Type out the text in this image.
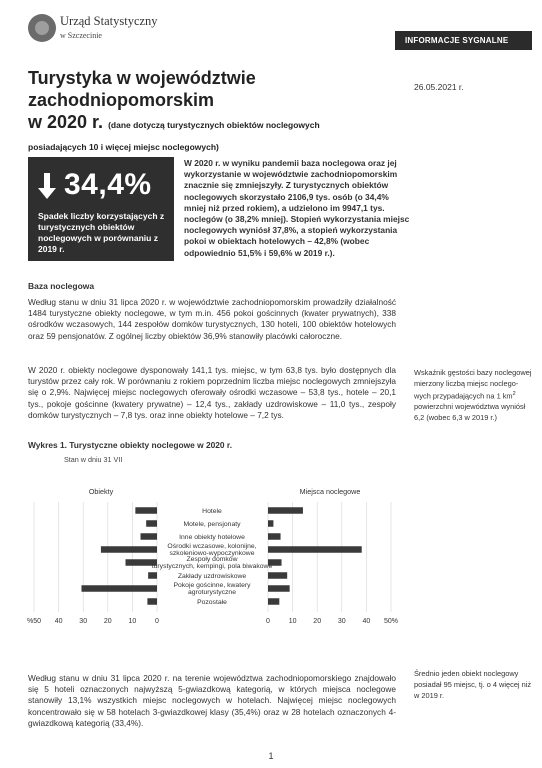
Urząd Statystyczny
w Szczecinie
INFORMACJE SYGNALNE
Turystyka w województwie zachodniopomorskim
w 2020 r. (dane dotyczą turystycznych obiektów noclegowych posiadających 10 i więcej miejsc noclegowych)
26.05.2021 r.
34,4%
Spadek liczby korzystających z turystycznych obiektów noclegowych w porównaniu z 2019 r.
W 2020 r. w wyniku pandemii baza noclegowa oraz jej wykorzystanie w województwie zachodniopomorskim znacznie się zmniejszyły. Z turystycznych obiektów noclegowych skorzystało 2106,9 tys. osób (o 34,4% mniej niż przed rokiem), a udzielono im 9947,1 tys. noclegów (o 38,2% mniej). Stopień wykorzystania miejsc noclegowych wyniósł 37,8%, a stopień wykorzystania pokoi w obiektach hotelowych – 42,8% (wobec odpowiednio 51,5% i 59,6% w 2019 r.).
Baza noclegowa
Według stanu w dniu 31 lipca 2020 r. w województwie zachodniopomorskim prowadziły działalność 1484 turystyczne obiekty noclegowe, w tym m.in. 456 pokoi gościnnych (kwater prywatnych), 338 ośrodków wczasowych, 144 zespołów domków turystycznych, 130 hoteli, 100 obiektów hotelowych oraz 59 pensjonatów. Z ogólnej liczby obiektów 36,9% stanowiły placówki całoroczne.
W 2020 r. obiekty noclegowe dysponowały 141,1 tys. miejsc, w tym 63,8 tys. było dostępnych dla turystów przez cały rok. W porównaniu z rokiem poprzednim liczba miejsc noclegowych zmniejszyła się o 2,9%. Najwięcej miejsc noclegowych oferowały ośrodki wczasowe – 53,8 tys., hotele – 20,1 tys., pokoje gościnne (kwatery prywatne) – 12,4 tys., zakłady uzdrowiskowe – 11,0 tys., zespoły domków turystycznych – 7,8 tys. oraz inne obiekty hotelowe – 7,2 tys.
Wskaźnik gęstości bazy noclegowej mierzony liczbą miejsc noclego-wych przypadających na 1 $km^2$ powierzchni województwa wyniósł 6,2 (wobec 6,3 w 2019 r.)
Wykres 1. Turystyczne obiekty noclegowe w 2020 r.
Stan w dniu 31 VII
Obiekty	Miejsca noclegowe
Hotele
Motele, pensjonaty
Inne obiekty hotelowe
Ośrodki wczasowe, kolonijne,
szkoleniowo-wypoczynkowe
Zespoły domków
turystycznych, kempingi, pola biwakowe
Zakłady uzdrowiskowe
Pokoje gościnne, kwatery
agroturystyczne
Pozostałe
%50 40 30 20 10	0	0	10 20 30 40 50%
Według stanu w dniu 31 lipca 2020 r. na terenie województwa zachodniopomorskiego znajdowało się 5 hoteli oznaczonych najwyższą 5-gwiazdkową kategorią, w których miejsca noclegowe stanowiły 13,1% wszystkich miejsc noclegowych w hotelach. Najwięcej miejsc noclegowych koncentrowało się w 58 hotelach 3-gwiazdkowej klasy (35,4%) oraz w 28 hotelach oznaczonych 4-gwiazdkową kategorią (33,4%).
Średnio jeden obiekt noclegowy posiadał 95 miejsc, tj. o 4 więcej niż w 2019 r.
1
